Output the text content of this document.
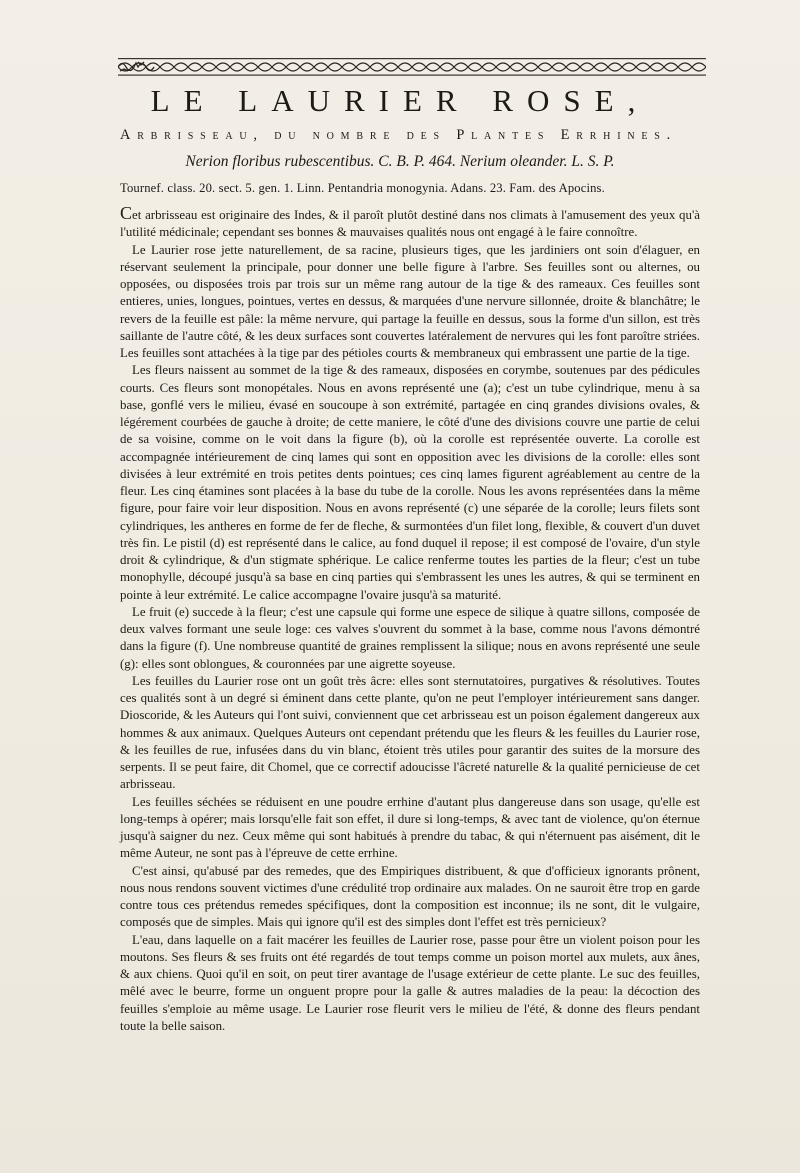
LE LAURIER ROSE,
Arbrisseau, du nombre des Plantes Errhines.
Nerion floribus rubescentibus. C. B. P. 464. Nerium oleander. L. S. P.
Tournef. class. 20. sect. 5. gen. 1. Linn. Pentandria monogynia. Adans. 23. Fam. des Apocins.

Cet arbrisseau est originaire des Indes, & il paroît plutôt destiné dans nos climats à l'amusement des yeux qu'à l'utilité médicinale; cependant ses bonnes & mauvaises qualités nous ont engagé à le faire connoître.

Le Laurier rose jette naturellement, de sa racine, plusieurs tiges, que les jardiniers ont soin d'élaguer, en réservant seulement la principale, pour donner une belle figure à l'arbre. Ses feuilles sont ou alternes, ou opposées, ou disposées trois par trois sur un même rang autour de la tige & des rameaux. Ces feuilles sont entieres, unies, longues, pointues, vertes en dessus, & marquées d'une nervure sillonnée, droite & blanchâtre; le revers de la feuille est pâle: la même nervure, qui partage la feuille en dessus, sous la forme d'un sillon, est très saillante de l'autre côté, & les deux surfaces sont couvertes latéralement de nervures qui les font paroître striées. Les feuilles sont attachées à la tige par des pétioles courts & membraneux qui embrassent une partie de la tige.

Les fleurs naissent au sommet de la tige & des rameaux, disposées en corymbe, soutenues par des pédicules courts. Ces fleurs sont monopétales. Nous en avons représenté une (a); c'est un tube cylindrique, menu à sa base, gonflé vers le milieu, évasé en soucoupe à son extrémité, partagée en cinq grandes divisions ovales, & légérement courbées de gauche à droite; de cette maniere, le côté d'une des divisions couvre une partie de celui de sa voisine, comme on le voit dans la figure (b), où la corolle est représentée ouverte. La corolle est accompagnée intérieurement de cinq lames qui sont en opposition avec les divisions de la corolle: elles sont divisées à leur extrémité en trois petites dents pointues; ces cinq lames figurent agréablement au centre de la fleur. Les cinq étamines sont placées à la base du tube de la corolle. Nous les avons représentées dans la même figure, pour faire voir leur disposition. Nous en avons représenté (c) une séparée de la corolle; leurs filets sont cylindriques, les antheres en forme de fer de fleche, & surmontées d'un filet long, flexible, & couvert d'un duvet très fin. Le pistil (d) est représenté dans le calice, au fond duquel il repose; il est composé de l'ovaire, d'un style droit & cylindrique, & d'un stigmate sphérique. Le calice renferme toutes les parties de la fleur; c'est un tube monophylle, découpé jusqu'à sa base en cinq parties qui s'embrassent les unes les autres, & qui se terminent en pointe à leur extrémité. Le calice accompagne l'ovaire jusqu'à sa maturité.

Le fruit (e) succede à la fleur; c'est une capsule qui forme une espece de silique à quatre sillons, composée de deux valves formant une seule loge: ces valves s'ouvrent du sommet à la base, comme nous l'avons démontré dans la figure (f). Une nombreuse quantité de graines remplissent la silique; nous en avons représenté une seule (g): elles sont oblongues, & couronnées par une aigrette soyeuse.

Les feuilles du Laurier rose ont un goût très âcre: elles sont sternutatoires, purgatives & résolutives. Toutes ces qualités sont à un degré si éminent dans cette plante, qu'on ne peut l'employer intérieurement sans danger. Dioscoride, & les Auteurs qui l'ont suivi, conviennent que cet arbrisseau est un poison également dangereux aux hommes & aux animaux. Quelques Auteurs ont cependant prétendu que les fleurs & les feuilles du Laurier rose, & les feuilles de rue, infusées dans du vin blanc, étoient très utiles pour garantir des suites de la morsure des serpents. Il se peut faire, dit Chomel, que ce correctif adoucisse l'âcreté naturelle & la qualité pernicieuse de cet arbrisseau.

Les feuilles séchées se réduisent en une poudre errhine d'autant plus dangereuse dans son usage, qu'elle est long-temps à opérer; mais lorsqu'elle fait son effet, il dure si long-temps, & avec tant de violence, qu'on éternue jusqu'à saigner du nez. Ceux même qui sont habitués à prendre du tabac, & qui n'éternuent pas aisément, dit le même Auteur, ne sont pas à l'épreuve de cette errhine.

C'est ainsi, qu'abusé par des remedes, que des Empiriques distribuent, & que d'officieux ignorants prônent, nous nous rendons souvent victimes d'une crédulité trop ordinaire aux malades. On ne sauroit être trop en garde contre tous ces prétendus remedes spécifiques, dont la composition est inconnue; ils ne sont, dit le vulgaire, composés que de simples. Mais qui ignore qu'il est des simples dont l'effet est très pernicieux?

L'eau, dans laquelle on a fait macérer les feuilles de Laurier rose, passe pour être un violent poison pour les moutons. Ses fleurs & ses fruits ont été regardés de tout temps comme un poison mortel aux mulets, aux ânes, & aux chiens. Quoi qu'il en soit, on peut tirer avantage de l'usage extérieur de cette plante. Le suc des feuilles, mêlé avec le beurre, forme un onguent propre pour la galle & autres maladies de la peau: la décoction des feuilles s'emploie au même usage. Le Laurier rose fleurit vers le milieu de l'été, & donne des fleurs pendant toute la belle saison.
